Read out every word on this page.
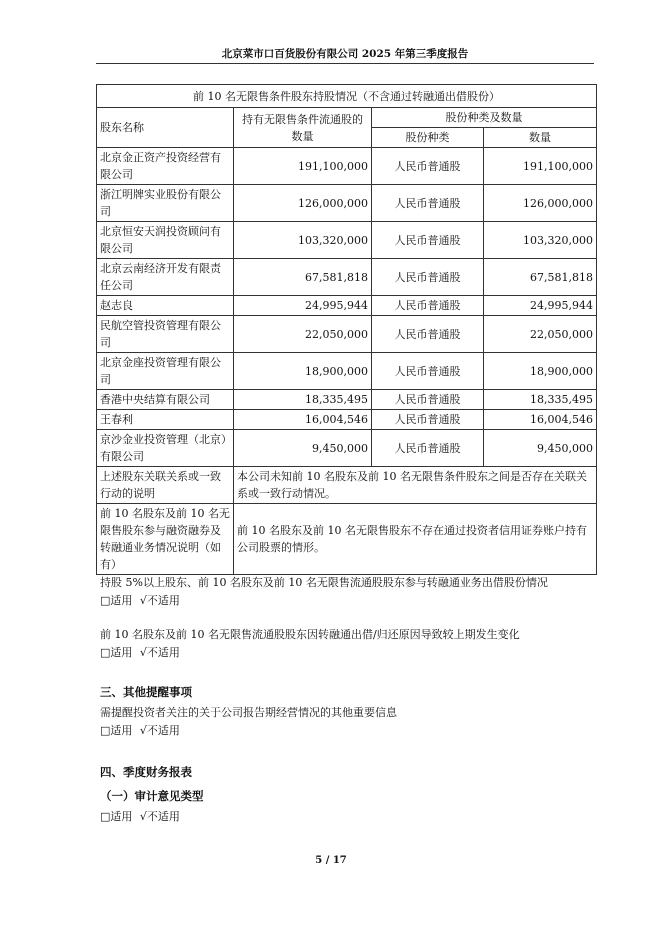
北京菜市口百货股份有限公司 2025 年第三季度报告
前 10 名无限售条件股东持股情况（不含通过转融通出借股份）			
股东名称	持有无限售条件流通股的数量	股份种类及数量	
		股份种类	数量
北京金正资产投资经营有限公司	191,100,000	人民币普通股	191,100,000
浙江明牌实业股份有限公司	126,000,000	人民币普通股	126,000,000
北京恒安天润投资顾问有限公司	103,320,000	人民币普通股	103,320,000
北京云南经济开发有限责任公司	67,581,818	人民币普通股	67,581,818
赵志良	24,995,944	人民币普通股	24,995,944
民航空管投资管理有限公司	22,050,000	人民币普通股	22,050,000
北京金座投资管理有限公司	18,900,000	人民币普通股	18,900,000
香港中央结算有限公司	18,335,495	人民币普通股	18,335,495
王春利	16,004,546	人民币普通股	16,004,546
京沙金业投资管理（北京）有限公司	9,450,000	人民币普通股	9,450,000
上述股东关联关系或一致行动的说明	本公司未知前 10 名股东及前 10 名无限售条件股东之间是否存在关联关系或一致行动情况。		
前 10 名股东及前 10 名无限售股东参与融资融券及转融通业务情况说明（如有）	前 10 名股东及前 10 名无限售股东不存在通过投资者信用证券账户持有公司股票的情形。		
持股 5%以上股东、前 10 名股东及前 10 名无限售流通股股东参与转融通业务出借股份情况
□适用 √不适用
前 10 名股东及前 10 名无限售流通股股东因转融通出借/归还原因导致较上期发生变化
□适用 √不适用
三、其他提醒事项
需提醒投资者关注的关于公司报告期经营情况的其他重要信息
□适用 √不适用
四、季度财务报表
（一）审计意见类型
□适用 √不适用
5 / 17
